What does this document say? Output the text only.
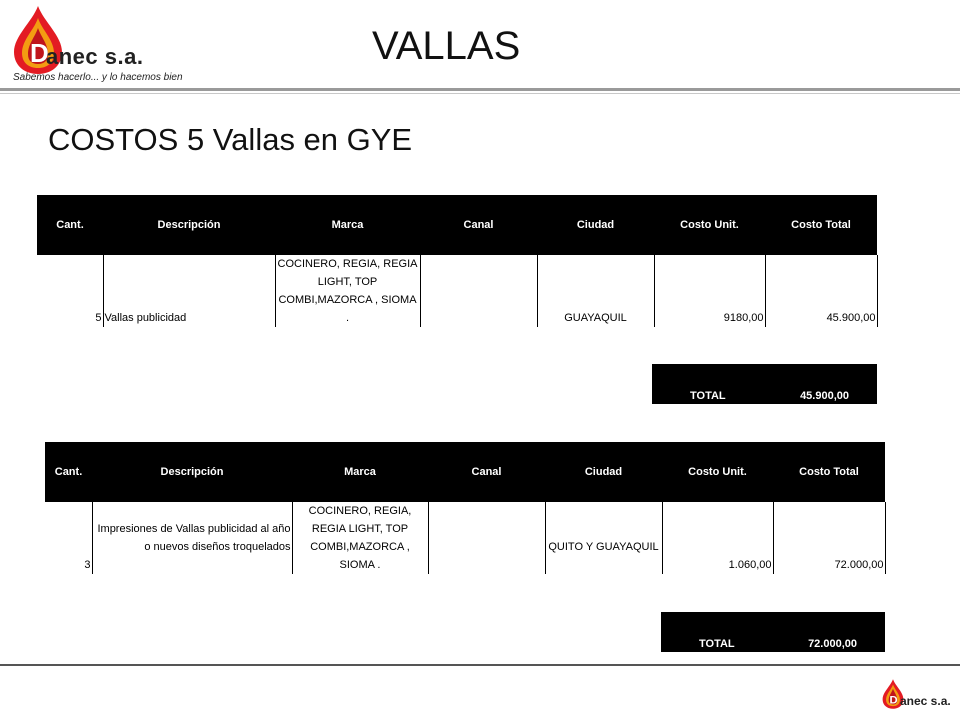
D
anec s.a.
Sabemos hacerlo... y lo hacemos bien
VALLAS
COSTOS 5 Vallas en GYE
Cant.	Descripción	Marca	Canal	Ciudad	Costo Unit.	Costo Total
5	Vallas publicidad	COCINERO, REGIA, REGIA LIGHT, TOP COMBI,MAZORCA , SIOMA .		GUAYAQUIL	9180,00	45.900,00
TOTAL	45.900,00
Cant.	Descripción	Marca	Canal	Ciudad	Costo Unit.	Costo Total
3	Impresiones de Vallas publicidad al año o nuevos diseños troquelados	COCINERO, REGIA, REGIA LIGHT, TOP COMBI,MAZORCA , SIOMA .		QUITO Y GUAYAQUIL	1.060,00	72.000,00
TOTAL	72.000,00
D anec s.a.
